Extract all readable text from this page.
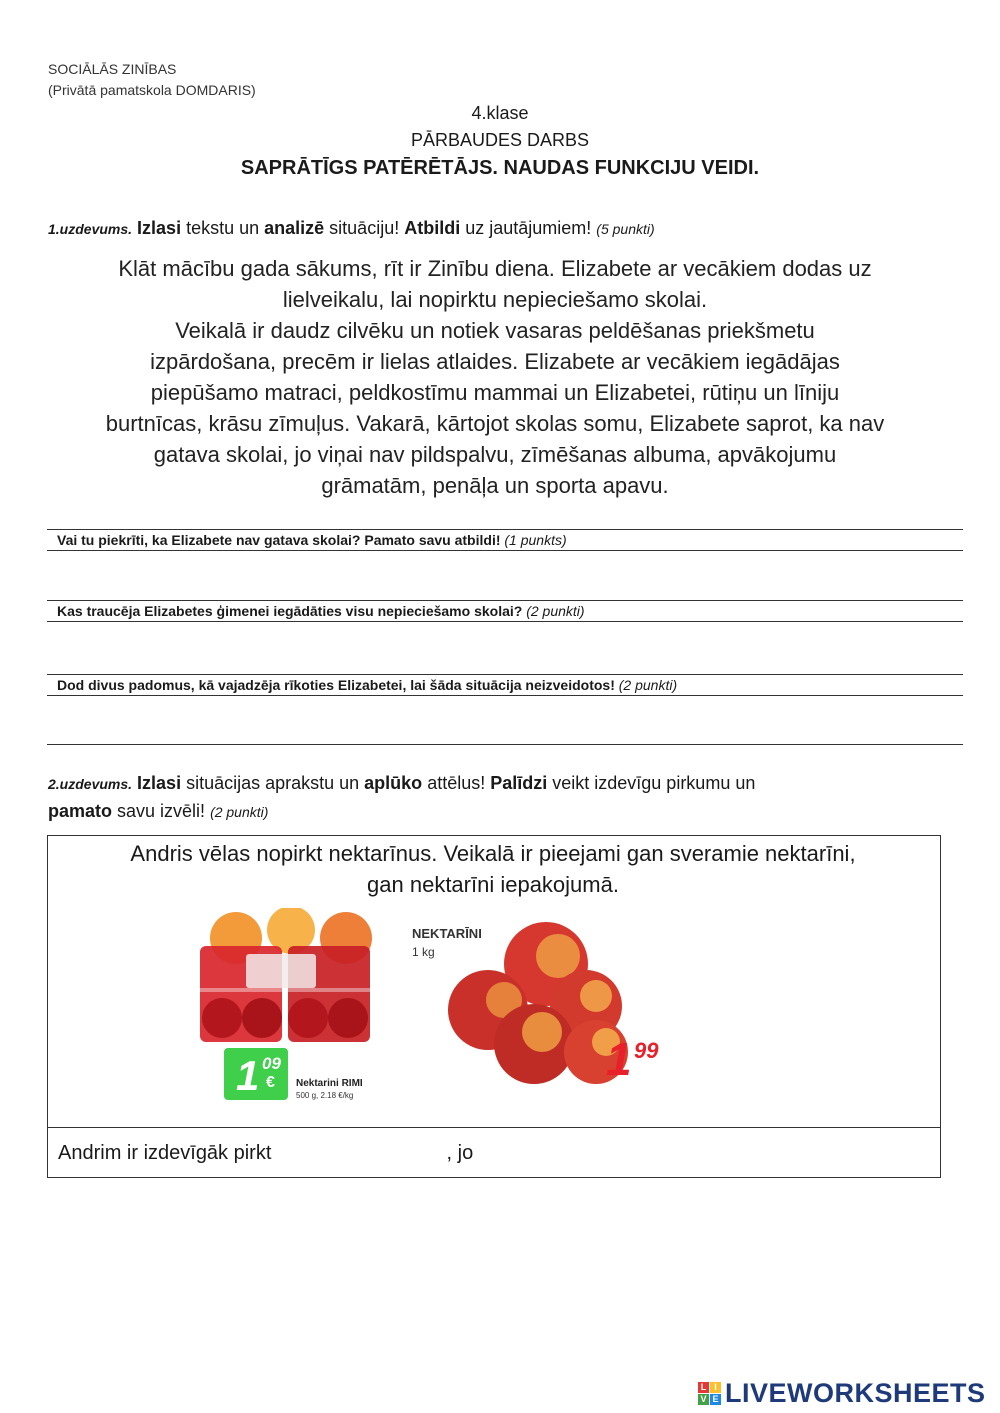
SOCIĀLĀS ZINĪBAS
(Privātā pamatskola DOMDARIS)
4.klase
PĀRBAUDES DARBS
SAPRĀTĪGS PATĒRĒTĀJS. NAUDAS FUNKCIJU VEIDI.
1.uzdevums. Izlasi tekstu un analizē situāciju! Atbildi uz jautājumiem! (5 punkti)
Klāt mācību gada sākums, rīt ir Zinību diena. Elizabete ar vecākiem dodas uz
lielveikalu, lai nopirktu nepieciešamo skolai.
Veikalā ir daudz cilvēku un notiek vasaras peldēšanas priekšmetu
izpārdošana, precēm ir lielas atlaides. Elizabete ar vecākiem iegādājas
piepūšamo matraci, peldkostīmu mammai un Elizabetei, rūtiņu un līniju
burtnīcas, krāsu zīmuļus. Vakarā, kārtojot skolas somu, Elizabete saprot, ka nav
gatava skolai, jo viņai nav pildspalvu, zīmēšanas albuma, apvākojumu
grāmatām, penāļa un sporta apavu.
Vai tu piekrīti, ka Elizabete nav gatava skolai? Pamato savu atbildi! (1 punkts)
Kas traucēja Elizabetes ģimenei iegādāties visu nepieciešamo skolai? (2 punkti)
Dod divus padomus, kā vajadzēja rīkoties Elizabetei, lai šāda situācija neizveidotos! (2 punkti)
2.uzdevums. Izlasi situācijas aprakstu un aplūko attēlus! Palīdzi veikt izdevīgu pirkumu un
pamato savu izvēli! (2 punkti)
Andris vēlas nopirkt nektarīnus. Veikalā ir pieejami gan sveramie nektarīni,
gan nektarīni iepakojumā.
1 09
€ Nektarini RIMI
500 g, 2.18 €/kg
NEKTARĪNI
1 kg
1 99
Andrim ir izdevīgāk pirkt	, jo
L I
V E LIVEWORKSHEETS
